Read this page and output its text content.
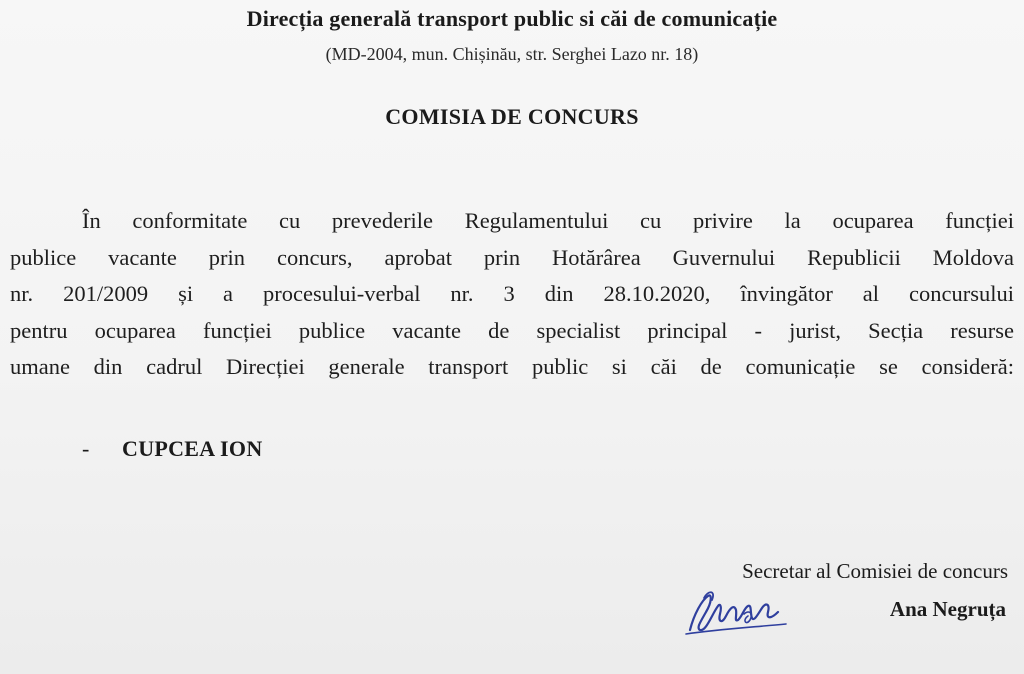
Direcția generală transport public si căi de comunicație
(MD-2004, mun. Chișinău, str. Serghei Lazo nr. 18)
COMISIA DE CONCURS

În conformitate cu prevederile Regulamentului cu privire la ocuparea funcției

publice vacante prin concurs, aprobat prin Hotărârea Guvernului Republicii Moldova

nr. 201/2009 și a procesului-verbal nr. 3 din 28.10.2020, învingător al concursului

pentru ocuparea funcției publice vacante de specialist principal - jurist, Secția resurse

umane din cadrul Direcției generale transport public si căi de comunicație se consideră:

- CUPCEA ION
Secretar al Comisiei de concurs
Ana Negruța
